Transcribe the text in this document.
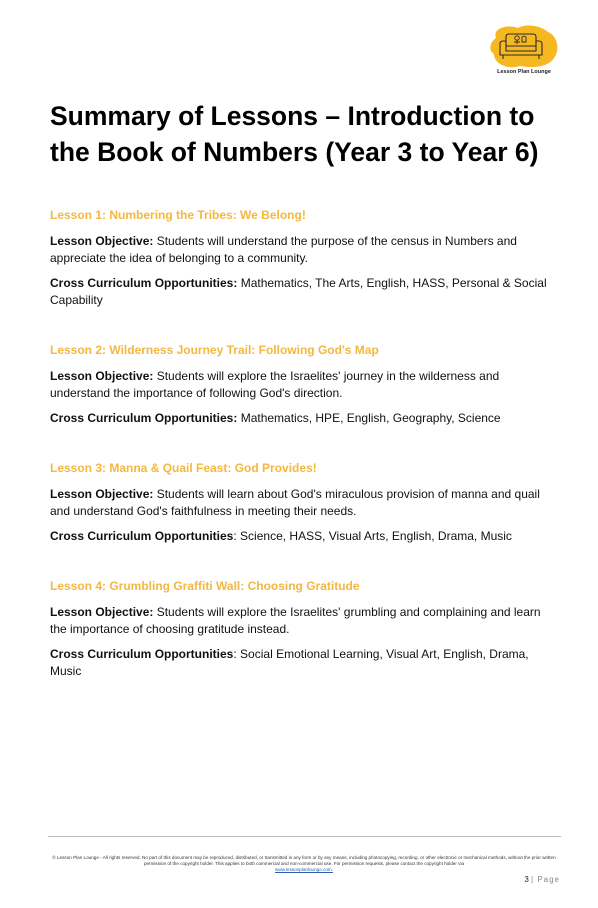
Lesson Plan Lounge
Summary of Lessons – Introduction to the Book of Numbers (Year 3 to Year 6)
Lesson 1: Numbering the Tribes: We Belong!

Lesson Objective: Students will understand the purpose of the census in Numbers and appreciate the idea of belonging to a community.

Cross Curriculum Opportunities: Mathematics, The Arts, English, HASS, Personal & Social Capability

Lesson 2: Wilderness Journey Trail: Following God's Map

Lesson Objective: Students will explore the Israelites' journey in the wilderness and understand the importance of following God's direction.

Cross Curriculum Opportunities: Mathematics, HPE, English, Geography, Science

Lesson 3: Manna & Quail Feast: God Provides!

Lesson Objective: Students will learn about God's miraculous provision of manna and quail and understand God's faithfulness in meeting their needs.

Cross Curriculum Opportunities: Science, HASS, Visual Arts, English, Drama, Music

Lesson 4: Grumbling Graffiti Wall: Choosing Gratitude

Lesson Objective: Students will explore the Israelites' grumbling and complaining and learn the importance of choosing gratitude instead.

Cross Curriculum Opportunities: Social Emotional Learning, Visual Art, English, Drama, Music

© Lesson Plan Lounge - All rights reserved. No part of this document may be reproduced, distributed, or transmitted in any form or by any means, including photocopying, recording, or other electronic or mechanical methods, without the prior written permission of the copyright holder. This applies to both commercial and non-commercial use. For permission requests, please contact the copyright holder via
www.lessonplanlounge.com.
3 | Page
